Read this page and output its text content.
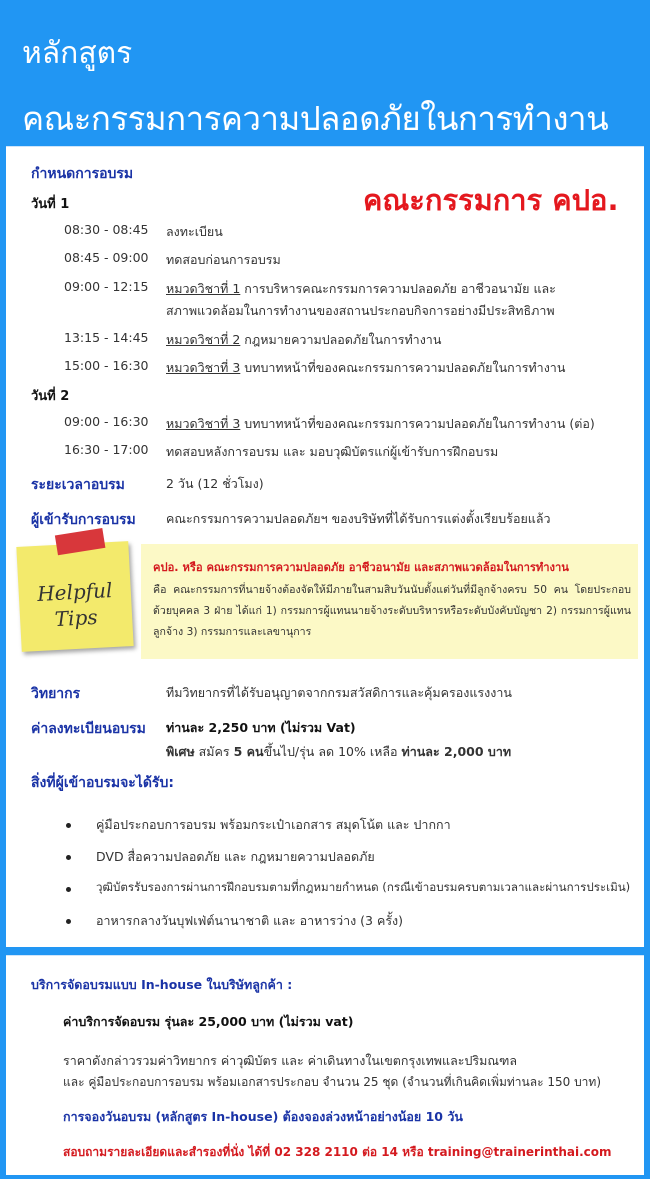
หลักสูตร
คณะกรรมการความปลอดภัยในการทำงาน
กำหนดการอบรม
คณะกรรมการ คปอ.
วันที่ 1
08:30 - 08:45 ลงทะเบียน
08:45 - 09:00 ทดสอบก่อนการอบรม
09:00 - 12:15 หมวดวิชาที่ 1 การบริหารคณะกรรมการความปลอดภัย อาชีวอนามัย และ
สภาพแวดล้อมในการทำงานของสถานประกอบกิจการอย่างมีประสิทธิภาพ
13:15 - 14:45 หมวดวิชาที่ 2 กฎหมายความปลอดภัยในการทำงาน
15:00 - 16:30 หมวดวิชาที่ 3 บทบาทหน้าที่ของคณะกรรมการความปลอดภัยในการทำงาน
วันที่ 2
09:00 - 16:30 หมวดวิชาที่ 3 บทบาทหน้าที่ของคณะกรรมการความปลอดภัยในการทำงาน (ต่อ)
16:30 - 17:00 ทดสอบหลังการอบรม และ มอบวุฒิบัตรแก่ผู้เข้ารับการฝึกอบรม
ระยะเวลาอบรม	2 วัน (12 ชั่วโมง)
ผู้เข้ารับการอบรม คณะกรรมการความปลอดภัยฯ ของบริษัทที่ได้รับการแต่งตั้งเรียบร้อยแล้ว
Helpful
Tips
คปอ. หรือ คณะกรรมการความปลอดภัย อาชีวอนามัย และสภาพแวดล้อมในการทำงาน
คือ คณะกรรมการที่นายจ้างต้องจัดให้มีภายในสามสิบวันนับตั้งแต่วันที่มีลูกจ้างครบ 50 คน โดยประกอบด้วยบุคคล 3 ฝ่าย ได้แก่ 1) กรรมการผู้แทนนายจ้างระดับบริหารหรือระดับบังคับบัญชา 2) กรรมการผู้แทนลูกจ้าง 3) กรรมการและเลขานุการ
วิทยากร	ทีมวิทยากรที่ได้รับอนุญาตจากกรมสวัสดิการและคุ้มครองแรงงาน
ค่าลงทะเบียนอบรม ท่านละ 2,250 บาท (ไม่รวม Vat)
พิเศษ สมัคร 5 คนขึ้นไป/รุ่น ลด 10% เหลือ ท่านละ 2,000 บาท
สิ่งที่ผู้เข้าอบรมจะได้รับ:
คู่มือประกอบการอบรม พร้อมกระเป๋าเอกสาร สมุดโน้ต และ ปากกา
DVD สื่อความปลอดภัย และ กฎหมายความปลอดภัย
วุฒิบัตรรับรองการผ่านการฝึกอบรมตามที่กฎหมายกำหนด (กรณีเข้าอบรมครบตามเวลาและผ่านการประเมิน)
อาหารกลางวันบุฟเฟ่ต์นานาชาติ และ อาหารว่าง (3 ครั้ง)
บริการจัดอบรมแบบ In-house ในบริษัทลูกค้า :
ค่าบริการจัดอบรม รุ่นละ 25,000 บาท (ไม่รวม vat)
ราคาดังกล่าวรวมค่าวิทยากร ค่าวุฒิบัตร และ ค่าเดินทางในเขตกรุงเทพและปริมณฑล
และ คู่มือประกอบการอบรม พร้อมเอกสารประกอบ จำนวน 25 ชุด (จำนวนที่เกินคิดเพิ่มท่านละ 150 บาท)
การจองวันอบรม (หลักสูตร In-house) ต้องจองล่วงหน้าอย่างน้อย 10 วัน
สอบถามรายละเอียดและสำรองที่นั่ง ได้ที่ 02 328 2110 ต่อ 14 หรือ training@trainerinthai.com
